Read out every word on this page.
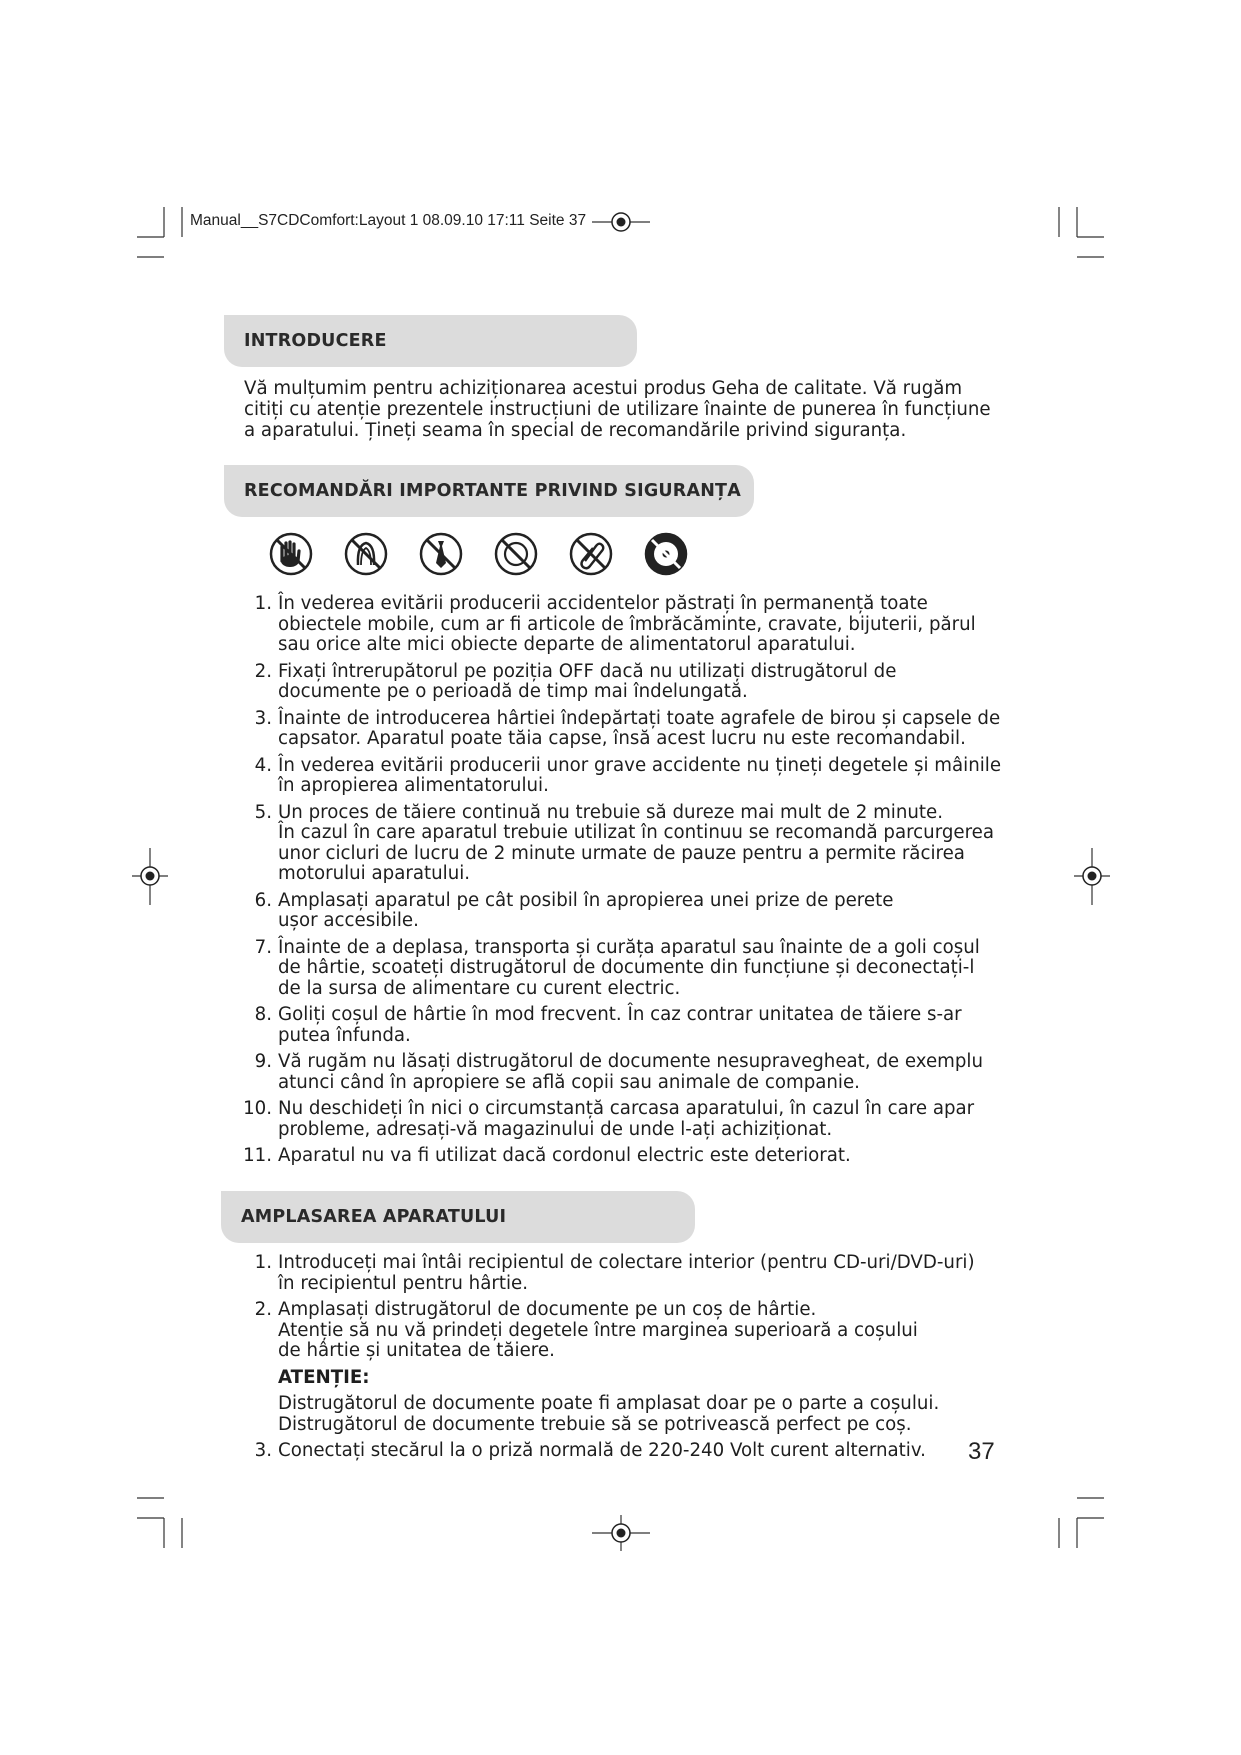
Manual__S7CDComfort:Layout 1 08.09.10 17:11 Seite 37
INTRODUCERE

Vă mulțumim pentru achiziționarea acestui produs Geha de calitate. Vă rugăm
citiți cu atenție prezentele instrucțiuni de utilizare înainte de punerea în funcțiune
a aparatului. Țineți seama în special de recomandările privind siguranța.

RECOMANDĂRI IMPORTANTE PRIVIND SIGURANȚA
1. În vederea evitării producerii accidentelor păstrați în permanență toate
obiectele mobile, cum ar fi articole de îmbrăcăminte, cravate, bijuterii, părul
sau orice alte mici obiecte departe de alimentatorul aparatului.
2. Fixați întrerupătorul pe poziția OFF dacă nu utilizați distrugătorul de
documente pe o perioadă de timp mai îndelungată.
3. Înainte de introducerea hârtiei îndepărtați toate agrafele de birou și capsele de
capsator. Aparatul poate tăia capse, însă acest lucru nu este recomandabil.
4. În vederea evitării producerii unor grave accidente nu țineți degetele și mâinile
în apropierea alimentatorului.
5. Un proces de tăiere continuă nu trebuie să dureze mai mult de 2 minute.
În cazul în care aparatul trebuie utilizat în continuu se recomandă parcurgerea
unor cicluri de lucru de 2 minute urmate de pauze pentru a permite răcirea
motorului aparatului.
6. Amplasați aparatul pe cât posibil în apropierea unei prize de perete
ușor accesibile.
7. Înainte de a deplasa, transporta și curăța aparatul sau înainte de a goli coșul
de hârtie, scoateți distrugătorul de documente din funcțiune și deconectați-l
de la sursa de alimentare cu curent electric.
8. Goliți coșul de hârtie în mod frecvent. În caz contrar unitatea de tăiere s-ar
putea înfunda.
9. Vă rugăm nu lăsați distrugătorul de documente nesupravegheat, de exemplu
atunci când în apropiere se află copii sau animale de companie.
10. Nu deschideți în nici o circumstanță carcasa aparatului, în cazul în care apar
probleme, adresați-vă magazinului de unde l-ați achiziționat.
11. Aparatul nu va fi utilizat dacă cordonul electric este deteriorat.
AMPLASAREA APARATULUI
1. Introduceți mai întâi recipientul de colectare interior (pentru CD-uri/DVD-uri)
în recipientul pentru hârtie.
2. Amplasați distrugătorul de documente pe un coș de hârtie.
Atenție să nu vă prindeți degetele între marginea superioară a coșului
de hârtie și unitatea de tăiere.
ATENȚIE:
Distrugătorul de documente poate fi amplasat doar pe o parte a coșului.
Distrugătorul de documente trebuie să se potrivească perfect pe coș.
3. Conectați stecărul la o priză normală de 220-240 Volt curent alternativ.	37
